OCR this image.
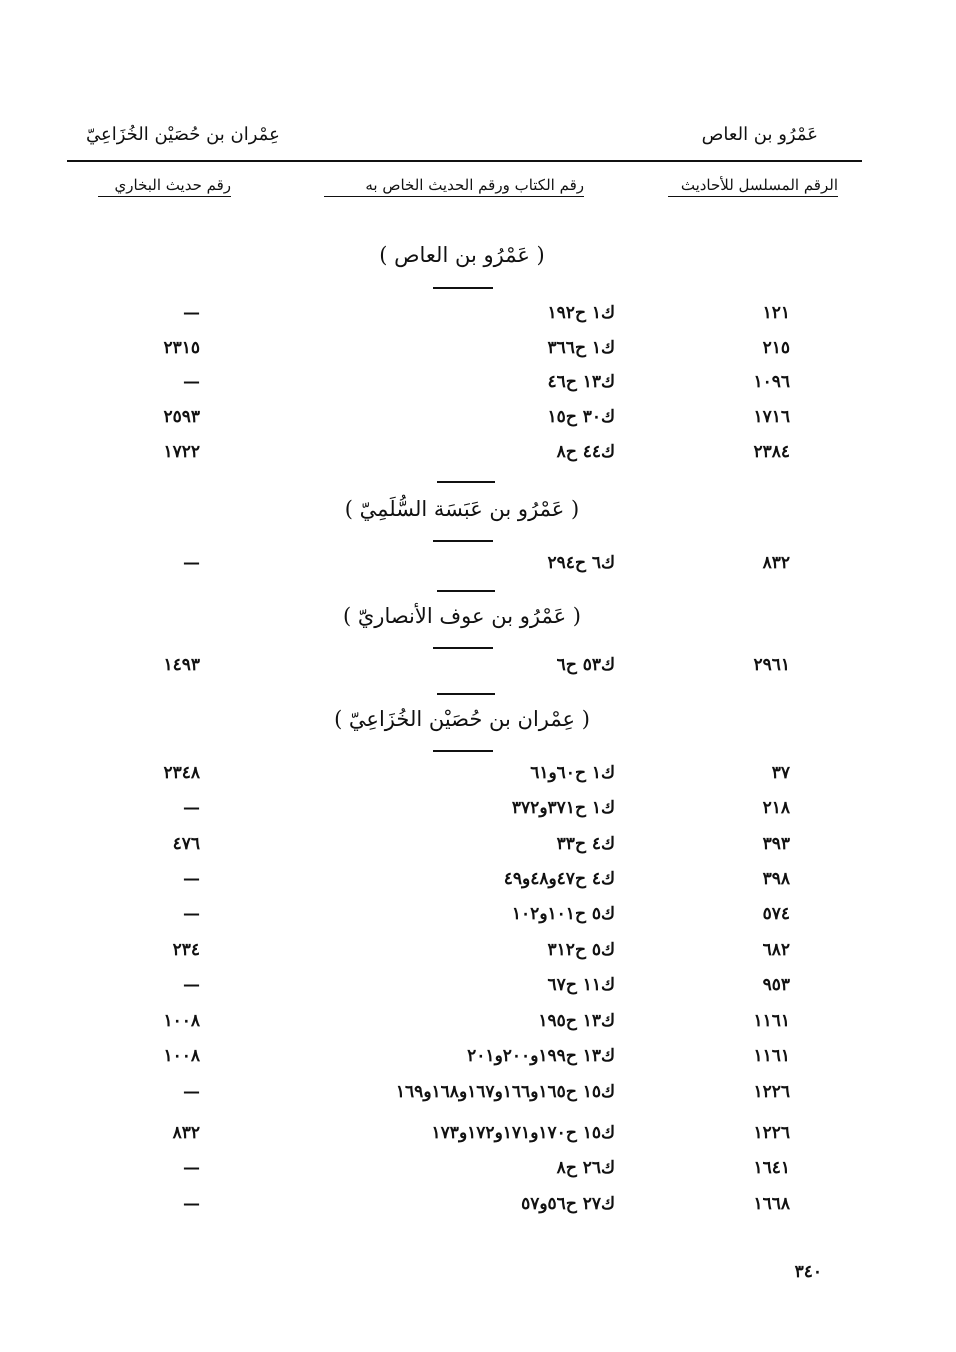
عَمْرُو بن العاص
عِمْران بن حُصَيْن الخُزَاعِيّ
الرقم المسلسل للأحاديث
رقم الكتاب ورقم الحديث الخاص به
رقم حديث البخاري
( عَمْرُو بن العاص )
١٢١
ك١ ح١٩٢
—
٢١٥
ك١ ح٣٦٦
٢٣١٥
١٠٩٦
ك١٣ ح٤٦
—
١٧١٦
ك٣٠ ح١٥
٢٥٩٣
٢٣٨٤
ك٤٤ ح٨
١٧٢٢
( عَمْرُو بن عَبَسَة السُّلَمِيّ )
٨٣٢
ك٦ ح٢٩٤
—
( عَمْرُو بن عوف الأنصاريّ )
٢٩٦١
ك٥٣ ح٦
١٤٩٣
( عِمْران بن حُصَيْن الخُزَاعِيّ )
٣٧
ك١ ح٦٠و٦١
٢٣٤٨
٢١٨
ك١ ح٣٧١و٣٧٢
—
٣٩٣
ك٤ ح٣٣
٤٧٦
٣٩٨
ك٤ ح٤٧و٤٨و٤٩
—
٥٧٤
ك٥ ح١٠١و١٠٢
—
٦٨٢
ك٥ ح٣١٢
٢٣٤
٩٥٣
ك١١ ح٦٧
—
١١٦١
ك١٣ ح١٩٥
١٠٠٨
١١٦١
ك١٣ ح١٩٩و٢٠٠و٢٠١
١٠٠٨
١٢٢٦
ك١٥ ح١٦٥و١٦٦و١٦٧و١٦٨و١٦٩
—
١٢٢٦
ك١٥ ح١٧٠و١٧١و١٧٢و١٧٣
٨٣٢
١٦٤١
ك٢٦ ح٨
—
١٦٦٨
ك٢٧ ح٥٦و٥٧
—
٣٤٠
